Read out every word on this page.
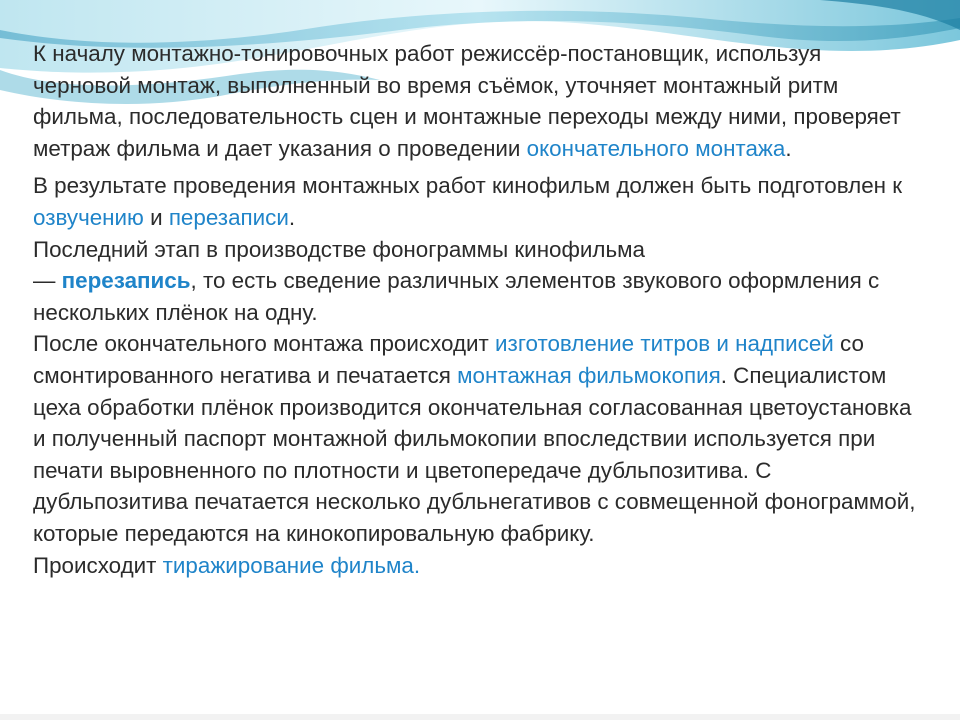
К началу монтажно-тонировочных работ режиссёр-постановщик, используя черновой монтаж, выполненный во время съёмок, уточняет монтажный ритм фильма, последовательность сцен и монтажные переходы между ними, проверяет метраж фильма и дает указания о проведении окончательного монтажа.

В результате проведения монтажных работ кинофильм должен быть подготовлен к озвучению и перезаписи.

Последний этап в производстве фонограммы кинофильма

— перезапись, то есть сведение различных элементов звукового оформления с нескольких плёнок на одну.

После окончательного монтажа происходит изготовление титров и надписей со смонтированного негатива и печатается монтажная фильмокопия. Специалистом цеха обработки плёнок производится окончательная согласованная цветоустановка и полученный паспорт монтажной фильмокопии впоследствии используется при печати выровненного по плотности и цветопередаче дубльпозитива. С дубльпозитива печатается несколько дубльнегативов с совмещенной фонограммой, которые передаются на кинокопировальную фабрику.

Происходит тиражирование фильма.
